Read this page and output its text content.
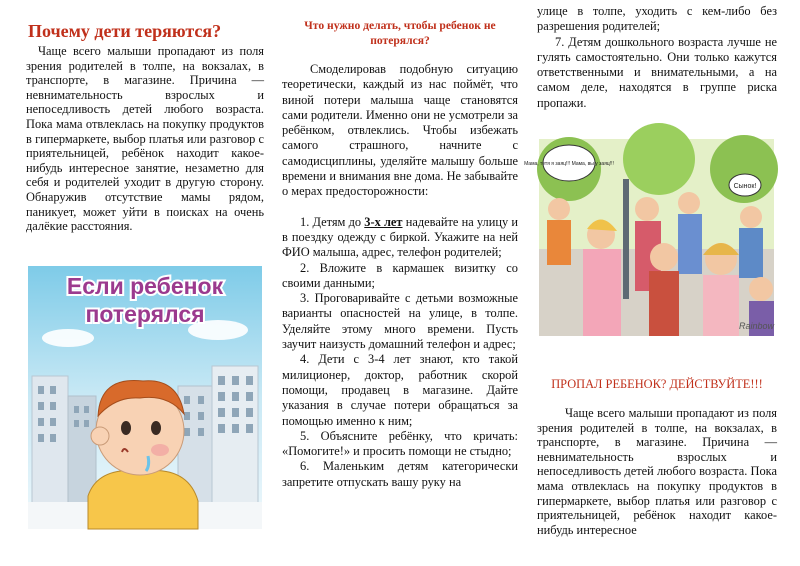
Почему дети теряются?

Чаще всего малыши пропадают из поля зрения родителей в толпе, на вокзалах, в транспорте, в магазине. Причина — невнимательность взрослых и непоседливость детей любого возраста. Пока мама отвлеклась на покупку продуктов в гипермаркете, выбор платья или разговор с приятельницей, ребёнок находит какое-нибудь интересное занятие, незаметно для себя и родителей уходит в другую сторону. Обнаружив отсутствие мамы рядом, паникует, может уйти в поисках на очень далёкие расстояния.

Если ребенок
потерялся
Что нужно делать, чтобы ребенок не потерялся?

Смоделировав подобную ситуацию теоретически, каждый из нас поймёт, что виной потери малыша чаще становятся сами родители. Именно они не усмотрели за ребёнком, отвлеклись. Чтобы избежать самого страшного, начните с самодисциплины, уделяйте малышу больше времени и внимания вне дома. Не забывайте о мерах предосторожности:

1. Детям до 3-х лет надевайте на улицу и в поездку одежду с биркой. Укажите на ней ФИО малыша, адрес, телефон родителей;

2. Вложите в кармашек визитку со своими данными;

3. Проговаривайте с детьми возможные варианты опасностей на улице, в толпе. Уделяйте этому много времени. Пусть заучит наизусть домашний телефон и адрес;

4. Дети с 3-4 лет знают, кто такой милиционер, доктор, работник скорой помощи, продавец в магазине. Дайте указания в случае потери обращаться за помощью именно к ним;

5. Объясните ребёнку, что кричать: «Помогите!» и просить помощи не стыдно;

6. Маленьким детям категорически запретите отпускать вашу руку на

улице в толпе, уходить с кем-либо без разрешения родителей;

7. Детям дошкольного возраста лучше не гулять самостоятельно. Они только кажутся ответственными и внимательными, а на самом деле, находятся в группе риска пропажи.

Мама, тетя я заяц!!! Мама, вы у заяц!!!
Сынок!
Rainbow
ПРОПАЛ РЕБЕНОК? ДЕЙСТВУЙТЕ!!!

Чаще всего малыши пропадают из поля зрения родителей в толпе, на вокзалах, в транспорте, в магазине. Причина — невнимательность взрослых и непоседливость детей любого возраста. Пока мама отвлеклась на покупку продуктов в гипермаркете, выбор платья или разговор с приятельницей, ребёнок находит какое-нибудь интересное
